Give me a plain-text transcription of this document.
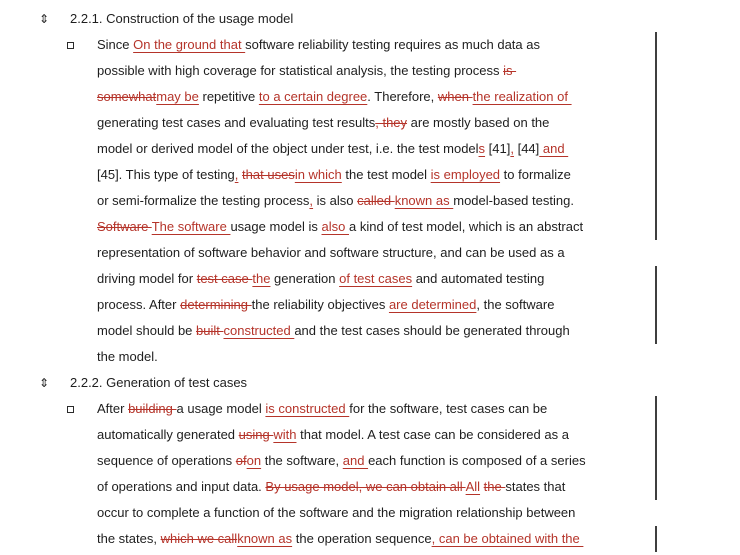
⇕ 2.2.1. Construction of the usage model
Since On the ground that software reliability testing requires as much data as
possible with high coverage for statistical analysis, the testing process is
somewhatmay be repetitive to a certain degree. Therefore, when the realization of
generating test cases and evaluating test results, they are mostly based on the
model or derived model of the object under test, i.e. the test models [41], [44] and
[45]. This type of testing, that usesin which the test model is employed to formalize
or semi-formalize the testing process, is also called known as model-based testing.
Software The software usage model is also a kind of test model, which is an abstract
representation of software behavior and software structure, and can be used as a
driving model for test case the generation of test cases and automated testing
process. After determining the reliability objectives are determined, the software
model should be built constructed and the test cases should be generated through
the model.
⇕ 2.2.2. Generation of test cases
After building a usage model is constructed for the software, test cases can be
automatically generated using with that model. A test case can be considered as a
sequence of operations ofon the software, and each function is composed of a series
of operations and input data. By usage model, we can obtain all All the states that
occur to complete a function of the software and the migration relationship between
the states, which we callknown as the operation sequence, can be obtained with the
